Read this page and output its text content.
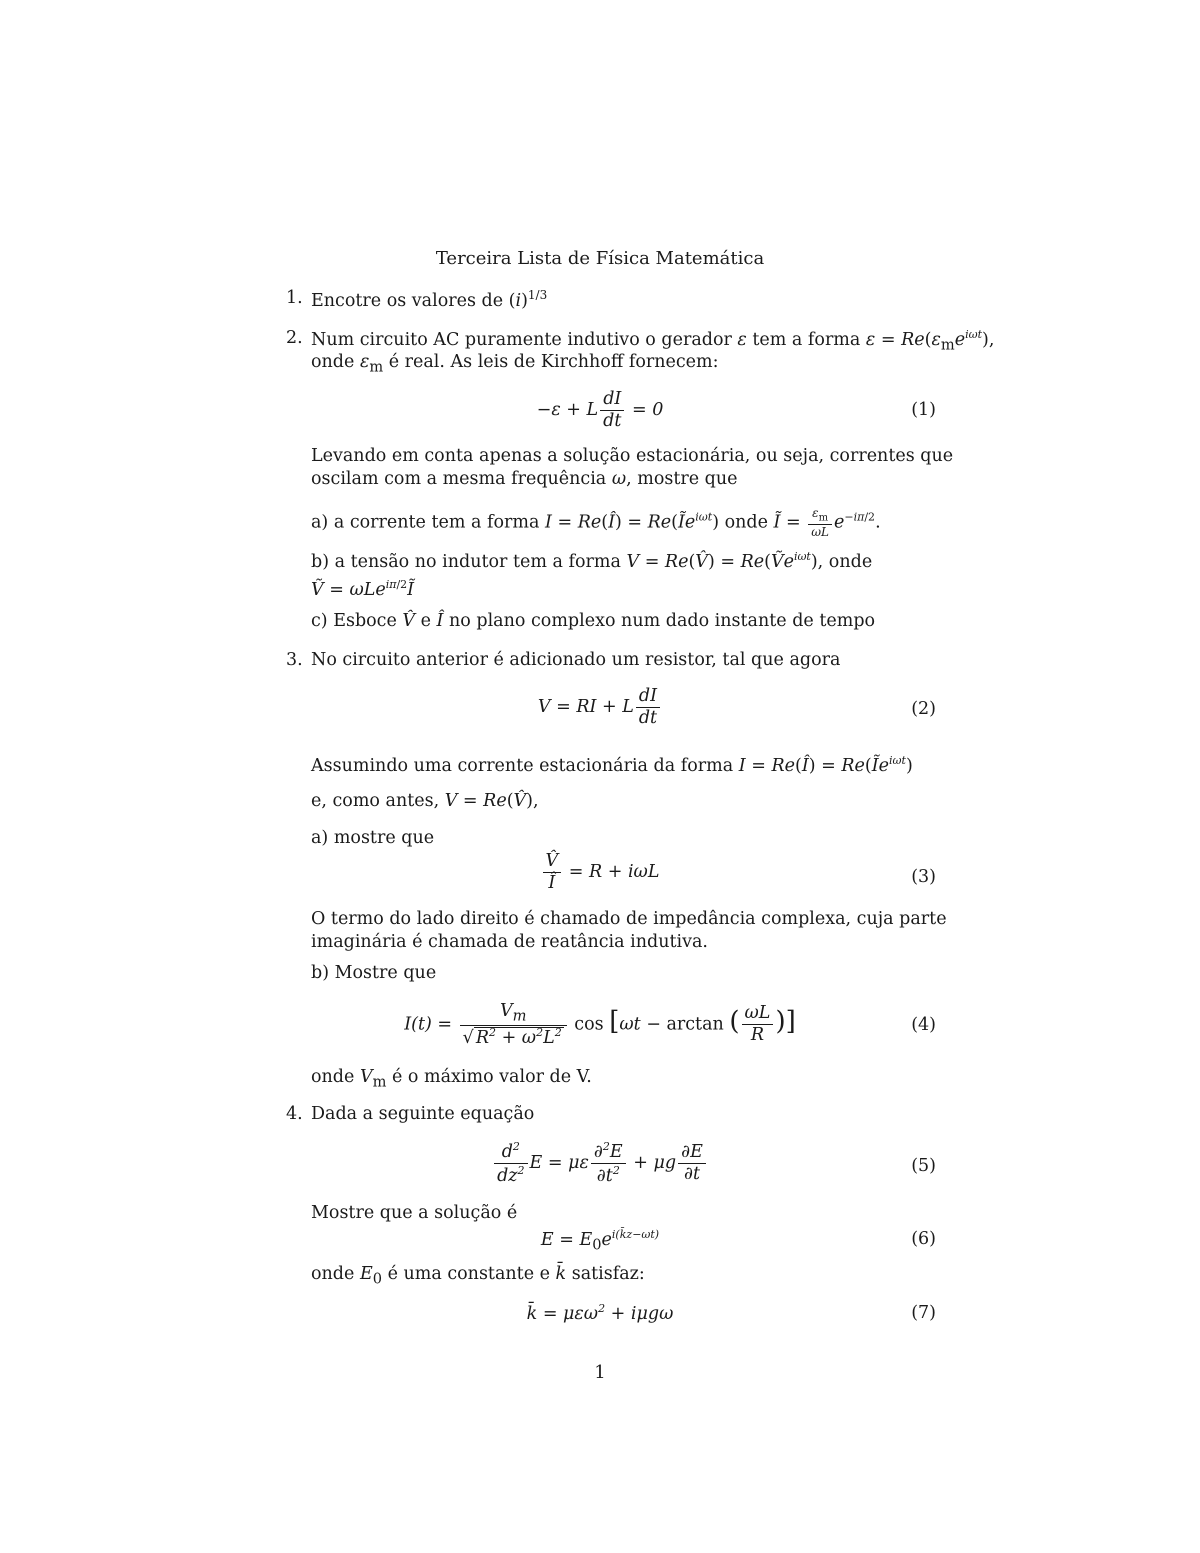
Terceira Lista de Física Matemática
1. Encotre os valores de $(i)^{1/3}$
2. Num circuito AC puramente indutivo o gerador ε tem a forma $\varepsilon = Re(\varepsilon_me^{i\omega t})$,
onde $\varepsilon_m$ é real. As leis de Kirchhoff fornecem:
−ε + L $\frac{dI}{dt} = 0$	(1)
Levando em conta apenas a solução estacionária, ou seja, correntes que
oscilam com a mesma frequência ω, mostre que
a) a corrente tem a forma I = Re(Î) = $Re(Ĩe^{i\omega t})$ onde Ĩ = $\frac{\varepsilon_m}{\omega L} e^{-i\pi/2}$.
b) a tensão no indutor tem a forma V = Re(V̂) = Re(Ṽe$^{i\omega t}$), onde
Ṽ = ωLe$^{i\pi/2}$Ĩ
c) Esboce V̂ e Î no plano complexo num dado instante de tempo
3. No circuito anterior é adicionado um resistor, tal que agora
V = RI + L $\frac{dI}{dt}$	(2)
Assumindo uma corrente estacionária da forma I = Re(Î) = $Re(Ĩe^{i\omega t})$
e, como antes, V = Re(V̂),
a) mostre que
$\frac{V̂}{Î} = R + i\omega L$	(3)
O termo do lado direito é chamado de impedância complexa, cuja parte
imaginária é chamada de reatância indutiva.
b) Mostre que
$I(t) = \frac{V_m}{√ R^2 + \omega^2L^2}$ cos [ωt − arctan ( $\frac{\omega L}{R}$ )]	(4)
onde $V_m$ é o máximo valor de V.
4. Dada a seguinte equação
$\frac{d^2}{dz^2}$ E = με $\frac{\partial^2E}{\partial t^2} + \mu g \frac{\partial E}{\partial t}$	(5)
Mostre que a solução é
$E = E_0e^{i(k̄z-\omega t)}$	(6)
onde $E_0$ é uma constante e k̄ satisfaz:
k̄ = μεω$^2$ + iμgω	(7)
1
